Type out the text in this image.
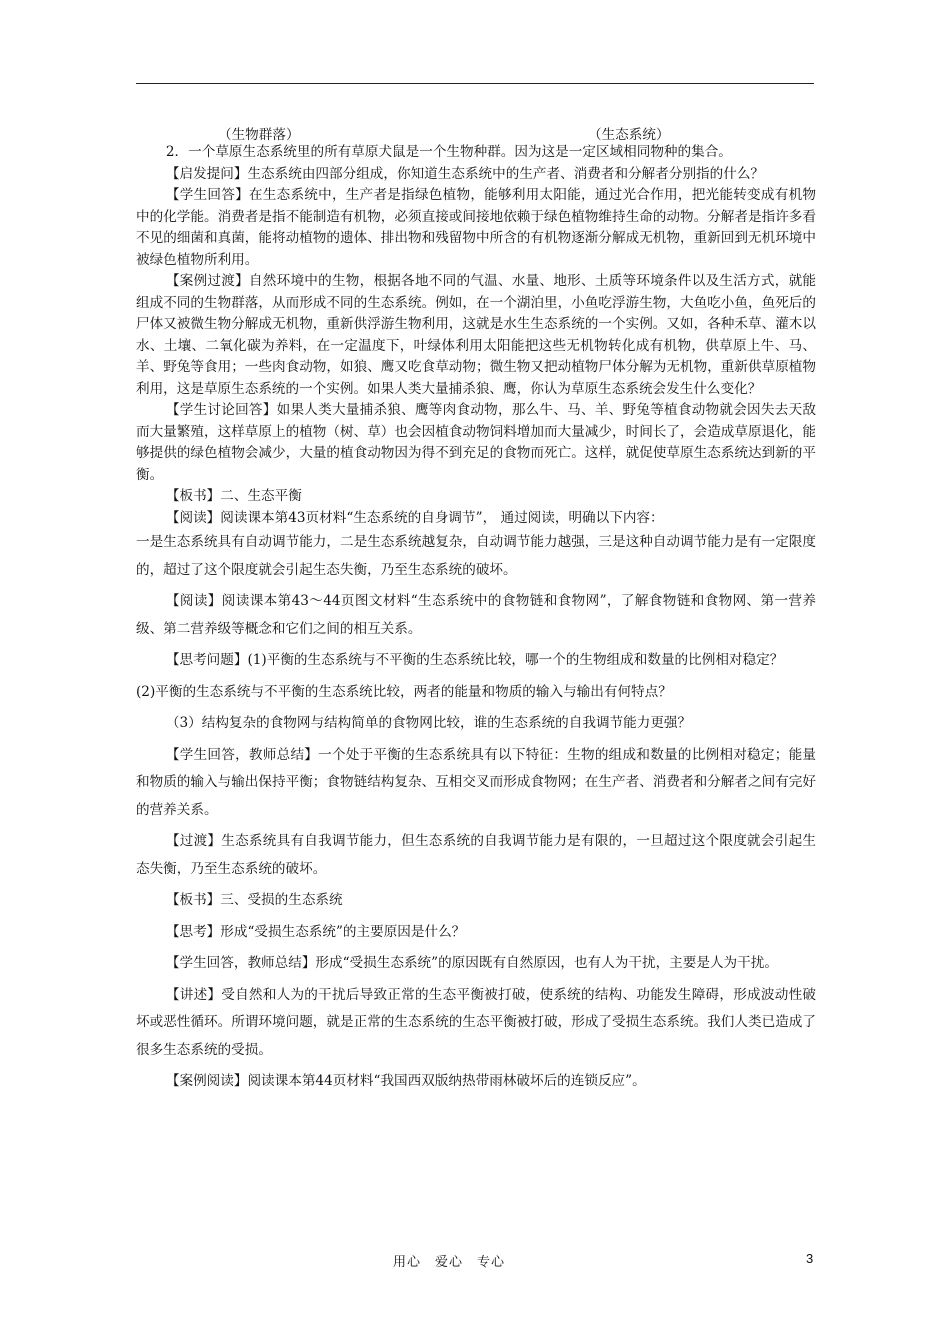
（生物群落）	（生态系统）

2．一个草原生态系统里的所有草原犬鼠是一个生物种群。因为这是一定区域相同物种的集合。

【启发提问】生态系统由四部分组成，你知道生态系统中的生产者、消费者和分解者分别指的什么？

【学生回答】在生态系统中，生产者是指绿色植物，能够利用太阳能，通过光合作用，把光能转变成有机物中的化学能。消费者是指不能制造有机物，必须直接或间接地依赖于绿色植物维持生命的动物。分解者是指许多看不见的细菌和真菌，能将动植物的遗体、排出物和残留物中所含的有机物逐渐分解成无机物，重新回到无机环境中被绿色植物所利用。

【案例过渡】自然环境中的生物，根据各地不同的气温、水量、地形、土质等环境条件以及生活方式，就能组成不同的生物群落，从而形成不同的生态系统。例如，在一个湖泊里，小鱼吃浮游生物，大鱼吃小鱼，鱼死后的尸体又被微生物分解成无机物，重新供浮游生物利用，这就是水生生态系统的一个实例。又如，各种禾草、灌木以水、土壤、二氧化碳为养料，在一定温度下，叶绿体利用太阳能把这些无机物转化成有机物，供草原上牛、马、羊、野兔等食用；一些肉食动物，如狼、鹰又吃食草动物；微生物又把动植物尸体分解为无机物，重新供草原植物利用，这是草原生态系统的一个实例。如果人类大量捕杀狼、鹰，你认为草原生态系统会发生什么变化？

【学生讨论回答】如果人类大量捕杀狼、鹰等肉食动物，那么牛、马、羊、野兔等植食动物就会因失去天敌而大量繁殖，这样草原上的植物（树、草）也会因植食动物饲料增加而大量减少，时间长了，会造成草原退化，能够提供的绿色植物会减少，大量的植食动物因为得不到充足的食物而死亡。这样，就促使草原生态系统达到新的平衡。

【板书】二、生态平衡

【阅读】阅读课本第43页材料“生态系统的自身调节”， 通过阅读，明确以下内容：

一是生态系统具有自动调节能力，二是生态系统越复杂，自动调节能力越强，三是这种自动调节能力是有一定限度的，超过了这个限度就会引起生态失衡，乃至生态系统的破坏。

【阅读】阅读课本第43～44页图文材料“生态系统中的食物链和食物网”，了解食物链和食物网、第一营养级、第二营养级等概念和它们之间的相互关系。

【思考问题】(1)平衡的生态系统与不平衡的生态系统比较，哪一个的生物组成和数量的比例相对稳定？

(2)平衡的生态系统与不平衡的生态系统比较，两者的能量和物质的输入与输出有何特点？

（3）结构复杂的食物网与结构简单的食物网比较，谁的生态系统的自我调节能力更强？

【学生回答，教师总结】一个处于平衡的生态系统具有以下特征：生物的组成和数量的比例相对稳定；能量和物质的输入与输出保持平衡；食物链结构复杂、互相交叉而形成食物网；在生产者、消费者和分解者之间有完好的营养关系。

【过渡】生态系统具有自我调节能力，但生态系统的自我调节能力是有限的，一旦超过这个限度就会引起生态失衡，乃至生态系统的破坏。

【板书】三、受损的生态系统

【思考】形成“受损生态系统”的主要原因是什么？

【学生回答，教师总结】形成“受损生态系统”的原因既有自然原因，也有人为干扰，主要是人为干扰。

【讲述】受自然和人为的干扰后导致正常的生态平衡被打破，使系统的结构、功能发生障碍，形成波动性破坏或恶性循环。所谓环境问题，就是正常的生态系统的生态平衡被打破，形成了受损生态系统。我们人类已造成了很多生态系统的受损。

【案例阅读】阅读课本第44页材料“我国西双版纳热带雨林破坏后的连锁反应”。

用心　爱心　专心	3
